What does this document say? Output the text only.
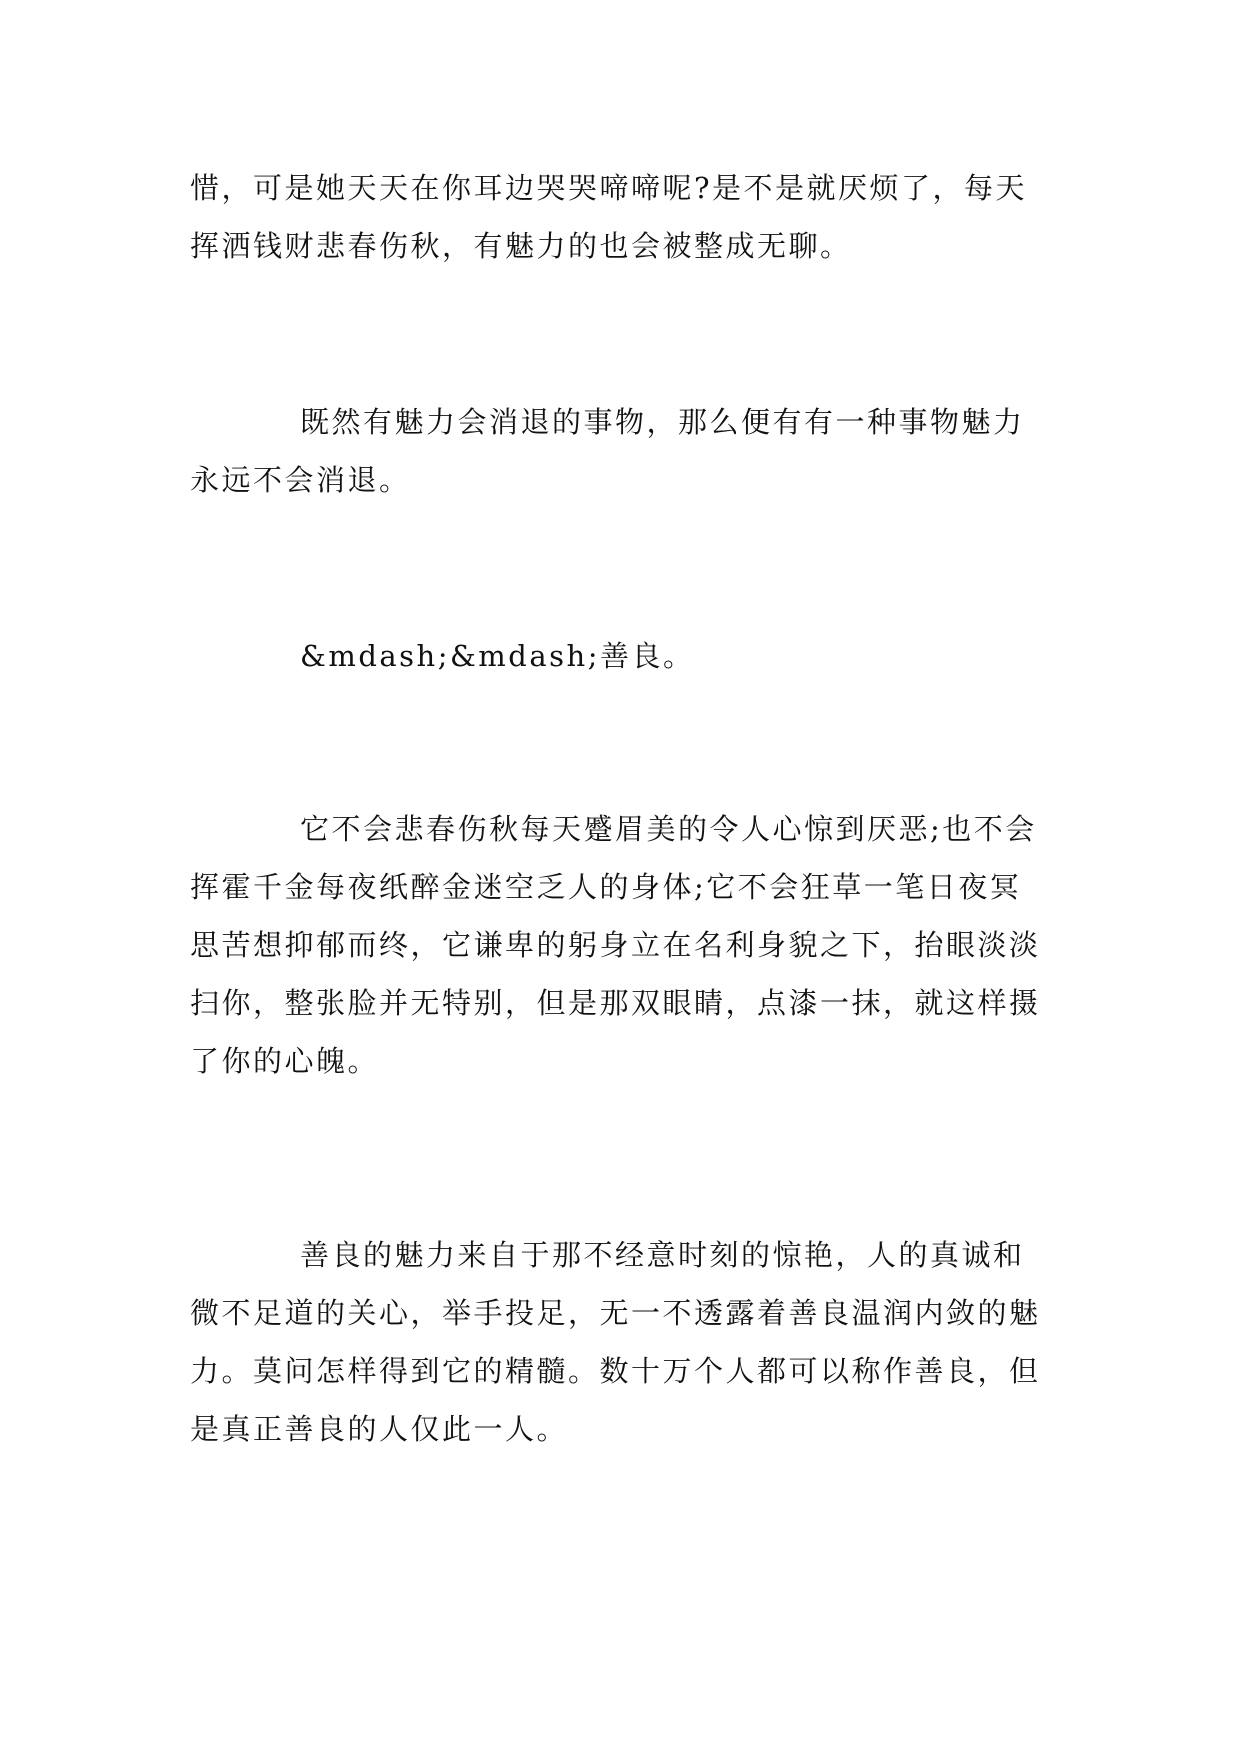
惜，可是她天天在你耳边哭哭啼啼呢?是不是就厌烦了，每天挥洒钱财悲春伤秋，有魅力的也会被整成无聊。

既然有魅力会消退的事物，那么便有有一种事物魅力永远不会消退。

&mdash;&mdash;善良。

它不会悲春伤秋每天蹙眉美的令人心惊到厌恶;也不会挥霍千金每夜纸醉金迷空乏人的身体;它不会狂草一笔日夜冥思苦想抑郁而终，它谦卑的躬身立在名利身貌之下，抬眼淡淡扫你，整张脸并无特别，但是那双眼睛，点漆一抹，就这样摄了你的心魄。

善良的魅力来自于那不经意时刻的惊艳，人的真诚和微不足道的关心，举手投足，无一不透露着善良温润内敛的魅力。莫问怎样得到它的精髓。数十万个人都可以称作善良，但是真正善良的人仅此一人。
